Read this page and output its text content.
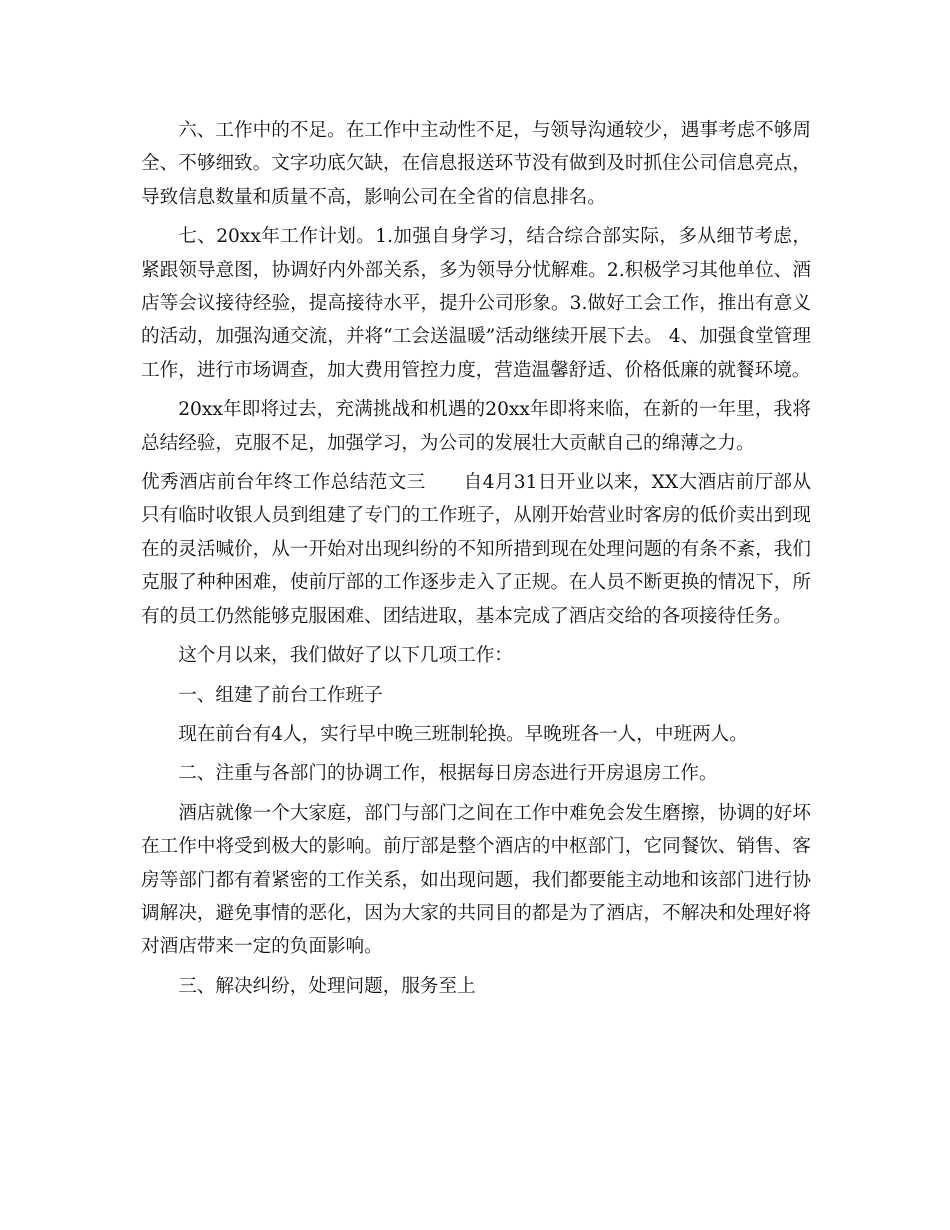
六、工作中的不足。在工作中主动性不足，与领导沟通较少，遇事考虑不够周全、不够细致。文字功底欠缺，在信息报送环节没有做到及时抓住公司信息亮点，导致信息数量和质量不高，影响公司在全省的信息排名。

七、20xx年工作计划。1.加强自身学习，结合综合部实际，多从细节考虑，紧跟领导意图，协调好内外部关系，多为领导分忧解难。2.积极学习其他单位、酒店等会议接待经验，提高接待水平，提升公司形象。3.做好工会工作，推出有意义的活动，加强沟通交流，并将“工会送温暖”活动继续开展下去。 4、加强食堂管理工作，进行市场调查，加大费用管控力度，营造温馨舒适、价格低廉的就餐环境。

20xx年即将过去，充满挑战和机遇的20xx年即将来临，在新的一年里，我将总结经验，克服不足，加强学习，为公司的发展壮大贡献自己的绵薄之力。

优秀酒店前台年终工作总结范文三　　自4月31日开业以来，XX大酒店前厅部从只有临时收银人员到组建了专门的工作班子，从刚开始营业时客房的低价卖出到现在的灵活喊价，从一开始对出现纠纷的不知所措到现在处理问题的有条不紊，我们克服了种种困难，使前厅部的工作逐步走入了正规。在人员不断更换的情况下，所有的员工仍然能够克服困难、团结进取，基本完成了酒店交给的各项接待任务。

这个月以来，我们做好了以下几项工作：

一、组建了前台工作班子

现在前台有4人，实行早中晚三班制轮换。早晚班各一人，中班两人。

二、注重与各部门的协调工作，根据每日房态进行开房退房工作。

酒店就像一个大家庭，部门与部门之间在工作中难免会发生磨擦，协调的好坏在工作中将受到极大的影响。前厅部是整个酒店的中枢部门，它同餐饮、销售、客房等部门都有着紧密的工作关系，如出现问题，我们都要能主动地和该部门进行协调解决，避免事情的恶化，因为大家的共同目的都是为了酒店，不解决和处理好将对酒店带来一定的负面影响。

三、解决纠纷，处理问题，服务至上
